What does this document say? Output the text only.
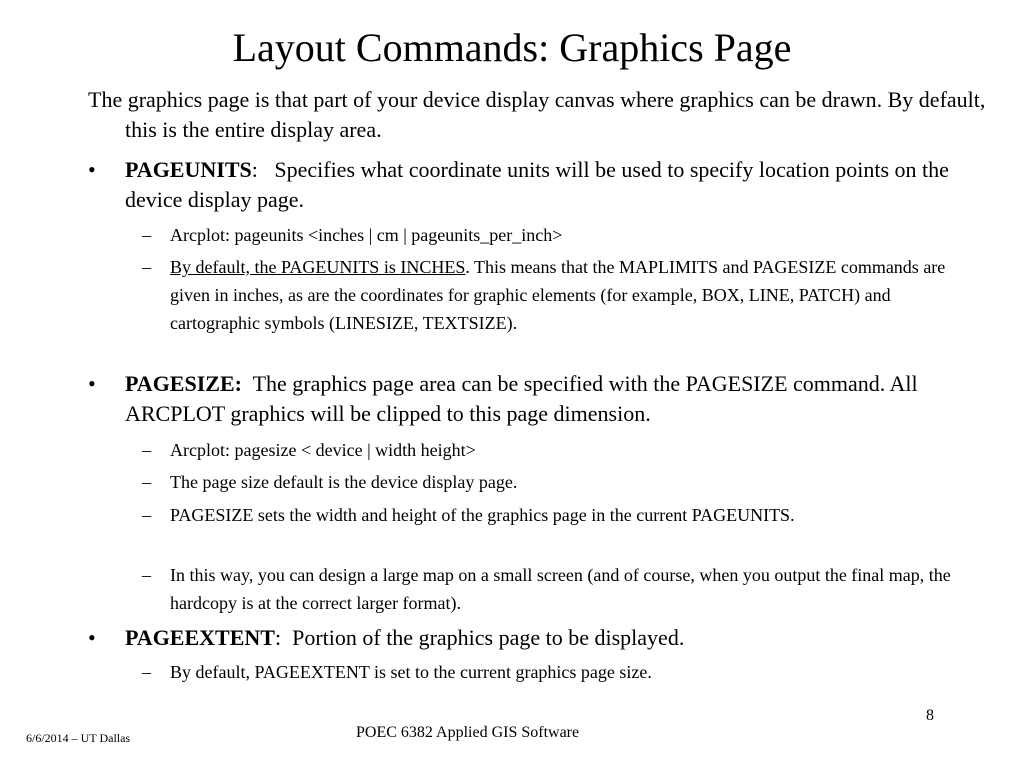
Layout Commands: Graphics Page
The graphics page is that part of your device display canvas where graphics can be drawn. By default, this is the entire display area.
• PAGEUNITS: Specifies what coordinate units will be used to specify location points on the device display page.
– Arcplot: pageunits <inches | cm | pageunits_per_inch>
– By default, the PAGEUNITS is INCHES. This means that the MAPLIMITS and PAGESIZE commands are given in inches, as are the coordinates for graphic elements (for example, BOX, LINE, PATCH) and cartographic symbols (LINESIZE, TEXTSIZE).
• PAGESIZE: The graphics page area can be specified with the PAGESIZE command. All ARCPLOT graphics will be clipped to this page dimension.
– Arcplot: pagesize < device | width height>
– The page size default is the device display page.
– PAGESIZE sets the width and height of the graphics page in the current PAGEUNITS.
– In this way, you can design a large map on a small screen (and of course, when you output the final map, the hardcopy is at the correct larger format).
• PAGEEXTENT: Portion of the graphics page to be displayed.
– By default, PAGEEXTENT is set to the current graphics page size.
6/6/2014 – UT Dallas	POEC 6382 Applied GIS Software
8
